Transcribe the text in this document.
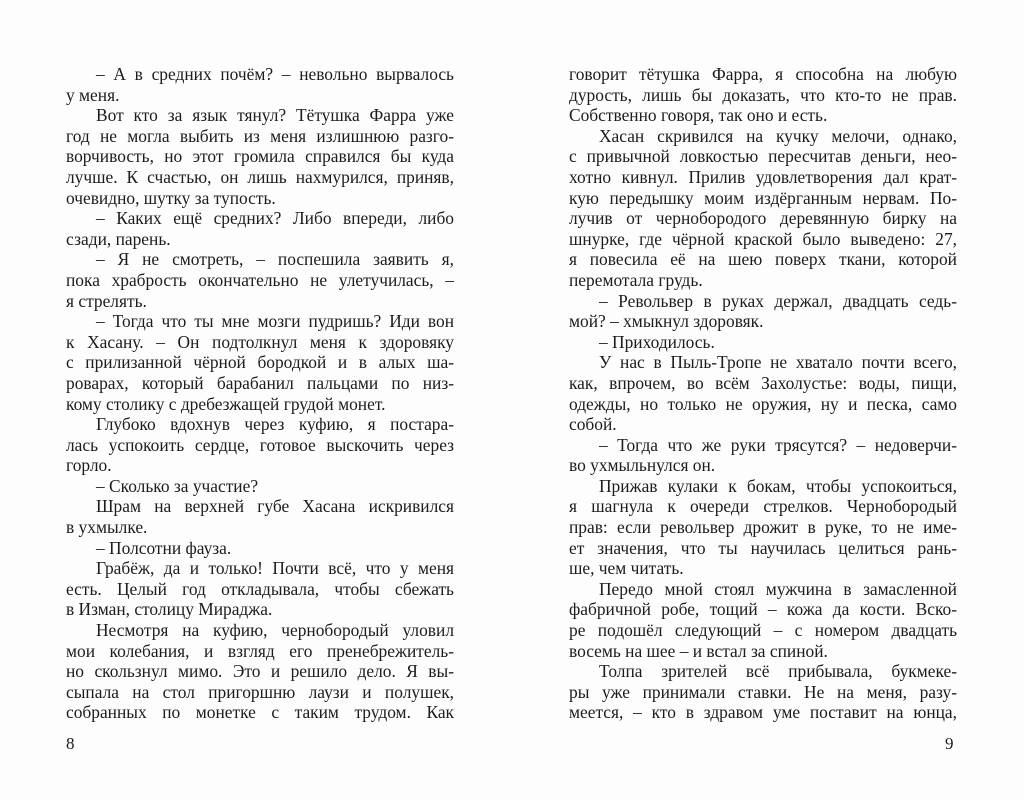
– А в средних почём? – невольно вырвалось
у меня.
Вот кто за язык тянул? Тётушка Фарра уже
год не могла выбить из меня излишнюю разго-
ворчивость, но этот громила справился бы куда
лучше. К счастью, он лишь нахмурился, приняв,
очевидно, шутку за тупость.
– Каких ещё средних? Либо впереди, либо
сзади, парень.
– Я не смотреть, – поспешила заявить я,
пока храбрость окончательно не улетучилась, –
я стрелять.
– Тогда что ты мне мозги пудришь? Иди вон
к Хасану. – Он подтолкнул меня к здоровяку
с прилизанной чёрной бородкой и в алых ша-
роварах, который барабанил пальцами по низ-
кому столику с дребезжащей грудой монет.
Глубоко вдохнув через куфию, я постара-
лась успокоить сердце, готовое выскочить через
горло.
– Сколько за участие?
Шрам на верхней губе Хасана искривился
в ухмылке.
– Полсотни фауза.
Грабёж, да и только! Почти всё, что у меня
есть. Целый год откладывала, чтобы сбежать
в Изман, столицу Мираджа.
Несмотря на куфию, чернобородый уловил
мои колебания, и взгляд его пренебрежитель-
но скользнул мимо. Это и решило дело. Я вы-
сыпала на стол пригоршню лаузи и полушек,
собранных по монетке с таким трудом. Как
говорит тётушка Фарра, я способна на любую
дурость, лишь бы доказать, что кто-то не прав.
Собственно говоря, так оно и есть.
Хасан скривился на кучку мелочи, однако,
с привычной ловкостью пересчитав деньги, нео-
хотно кивнул. Прилив удовлетворения дал крат-
кую передышку моим издёрганным нервам. По-
лучив от чернобородого деревянную бирку на
шнурке, где чёрной краской было выведено: 27,
я повесила её на шею поверх ткани, которой
перемотала грудь.
– Револьвер в руках держал, двадцать седь-
мой? – хмыкнул здоровяк.
– Приходилось.
У нас в Пыль-Тропе не хватало почти всего,
как, впрочем, во всём Захолустье: воды, пищи,
одежды, но только не оружия, ну и песка, само
собой.
– Тогда что же руки трясутся? – недоверчи-
во ухмыльнулся он.
Прижав кулаки к бокам, чтобы успокоиться,
я шагнула к очереди стрелков. Чернобородый
прав: если револьвер дрожит в руке, то не име-
ет значения, что ты научилась целиться рань-
ше, чем читать.
Передо мной стоял мужчина в замасленной
фабричной робе, тощий – кожа да кости. Вско-
ре подошёл следующий – с номером двадцать
восемь на шее – и встал за спиной.
Толпа зрителей всё прибывала, букмеке-
ры уже принимали ставки. Не на меня, разу-
меется, – кто в здравом уме поставит на юнца,
8	9
